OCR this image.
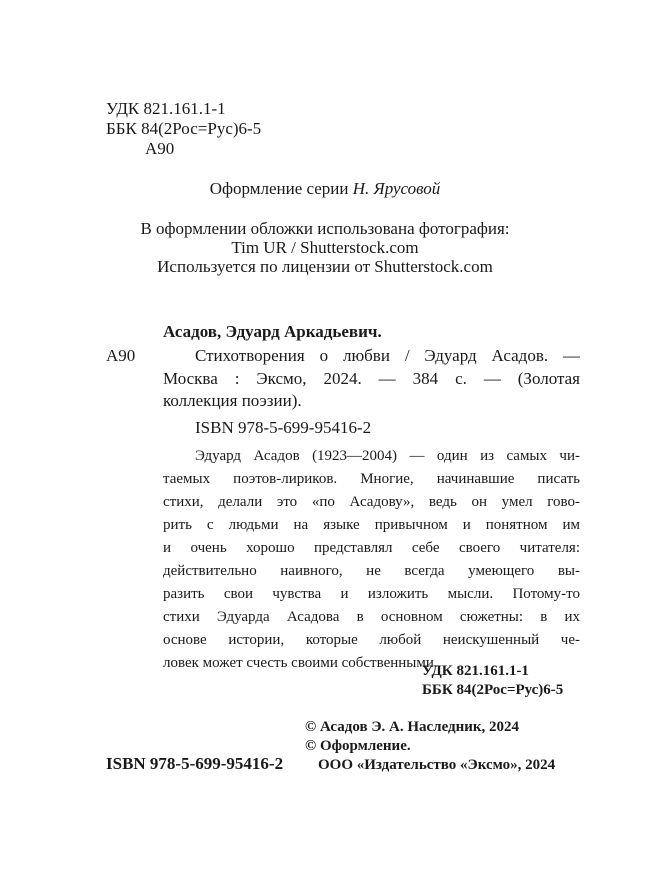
УДК 821.161.1-1
ББК 84(2Рос=Рус)6-5
А90
Оформление серии Н. Ярусовой
В оформлении обложки использована фотография:
Tim UR / Shutterstock.com
Используется по лицензии от Shutterstock.com
Асадов, Эдуард Аркадьевич.
А90	Стихотворения о любви / Эдуард Асадов. —
Москва : Эксмо, 2024. — 384 с. — (Золотая
коллекция поэзии).
ISBN 978-5-699-95416-2
Эдуард Асадов (1923—2004) — один из самых чи-
таемых поэтов-лириков. Многие, начинавшие писать
стихи, делали это «по Асадову», ведь он умел гово-
рить с людьми на языке привычном и понятном им
и очень хорошо представлял себе своего читателя:
действительно наивного, не всегда умеющего вы-
разить свои чувства и изложить мысли. Потому-то
стихи Эдуарда Асадова в основном сюжетны: в их
основе истории, которые любой неискушенный че-
ловек может счесть своими собственными.
УДК 821.161.1-1
ББК 84(2Рос=Рус)6-5
© Асадов Э. А. Наследник, 2024
© Оформление.
ООО «Издательство «Эксмо», 2024
ISBN 978-5-699-95416-2
